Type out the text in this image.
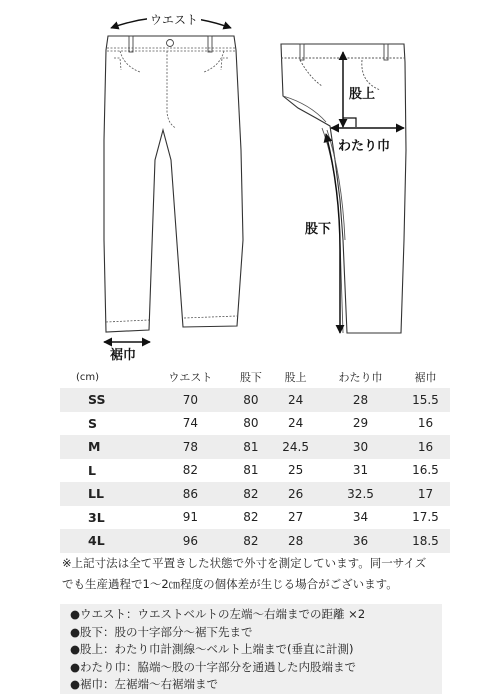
ウエスト
股上
わたり巾
股下
裾巾
(cm)	ウエスト	股下	股上	わたり巾	裾巾
SS	70	80	24	28	15.5
S	74	80	24	29	16
M	78	81	24.5	30	16
L	82	81	25	31	16.5
LL	86	82	26	32.5	17
3L	91	82	27	34	17.5
4L	96	82	28	36	18.5
※上記寸法は全て平置きした状態で外寸を測定しています。同一サイズ
でも生産過程で1〜2㎝程度の個体差が生じる場合がございます。
●ウエスト：ウエストベルトの左端〜右端までの距離 ×2
●股下：股の十字部分〜裾下先まで
●股上：わたり巾計測線〜ベルト上端まで(垂直に計測)
●わたり巾：脇端〜股の十字部分を通過した内股端まで
●裾巾：左裾端〜右裾端まで
